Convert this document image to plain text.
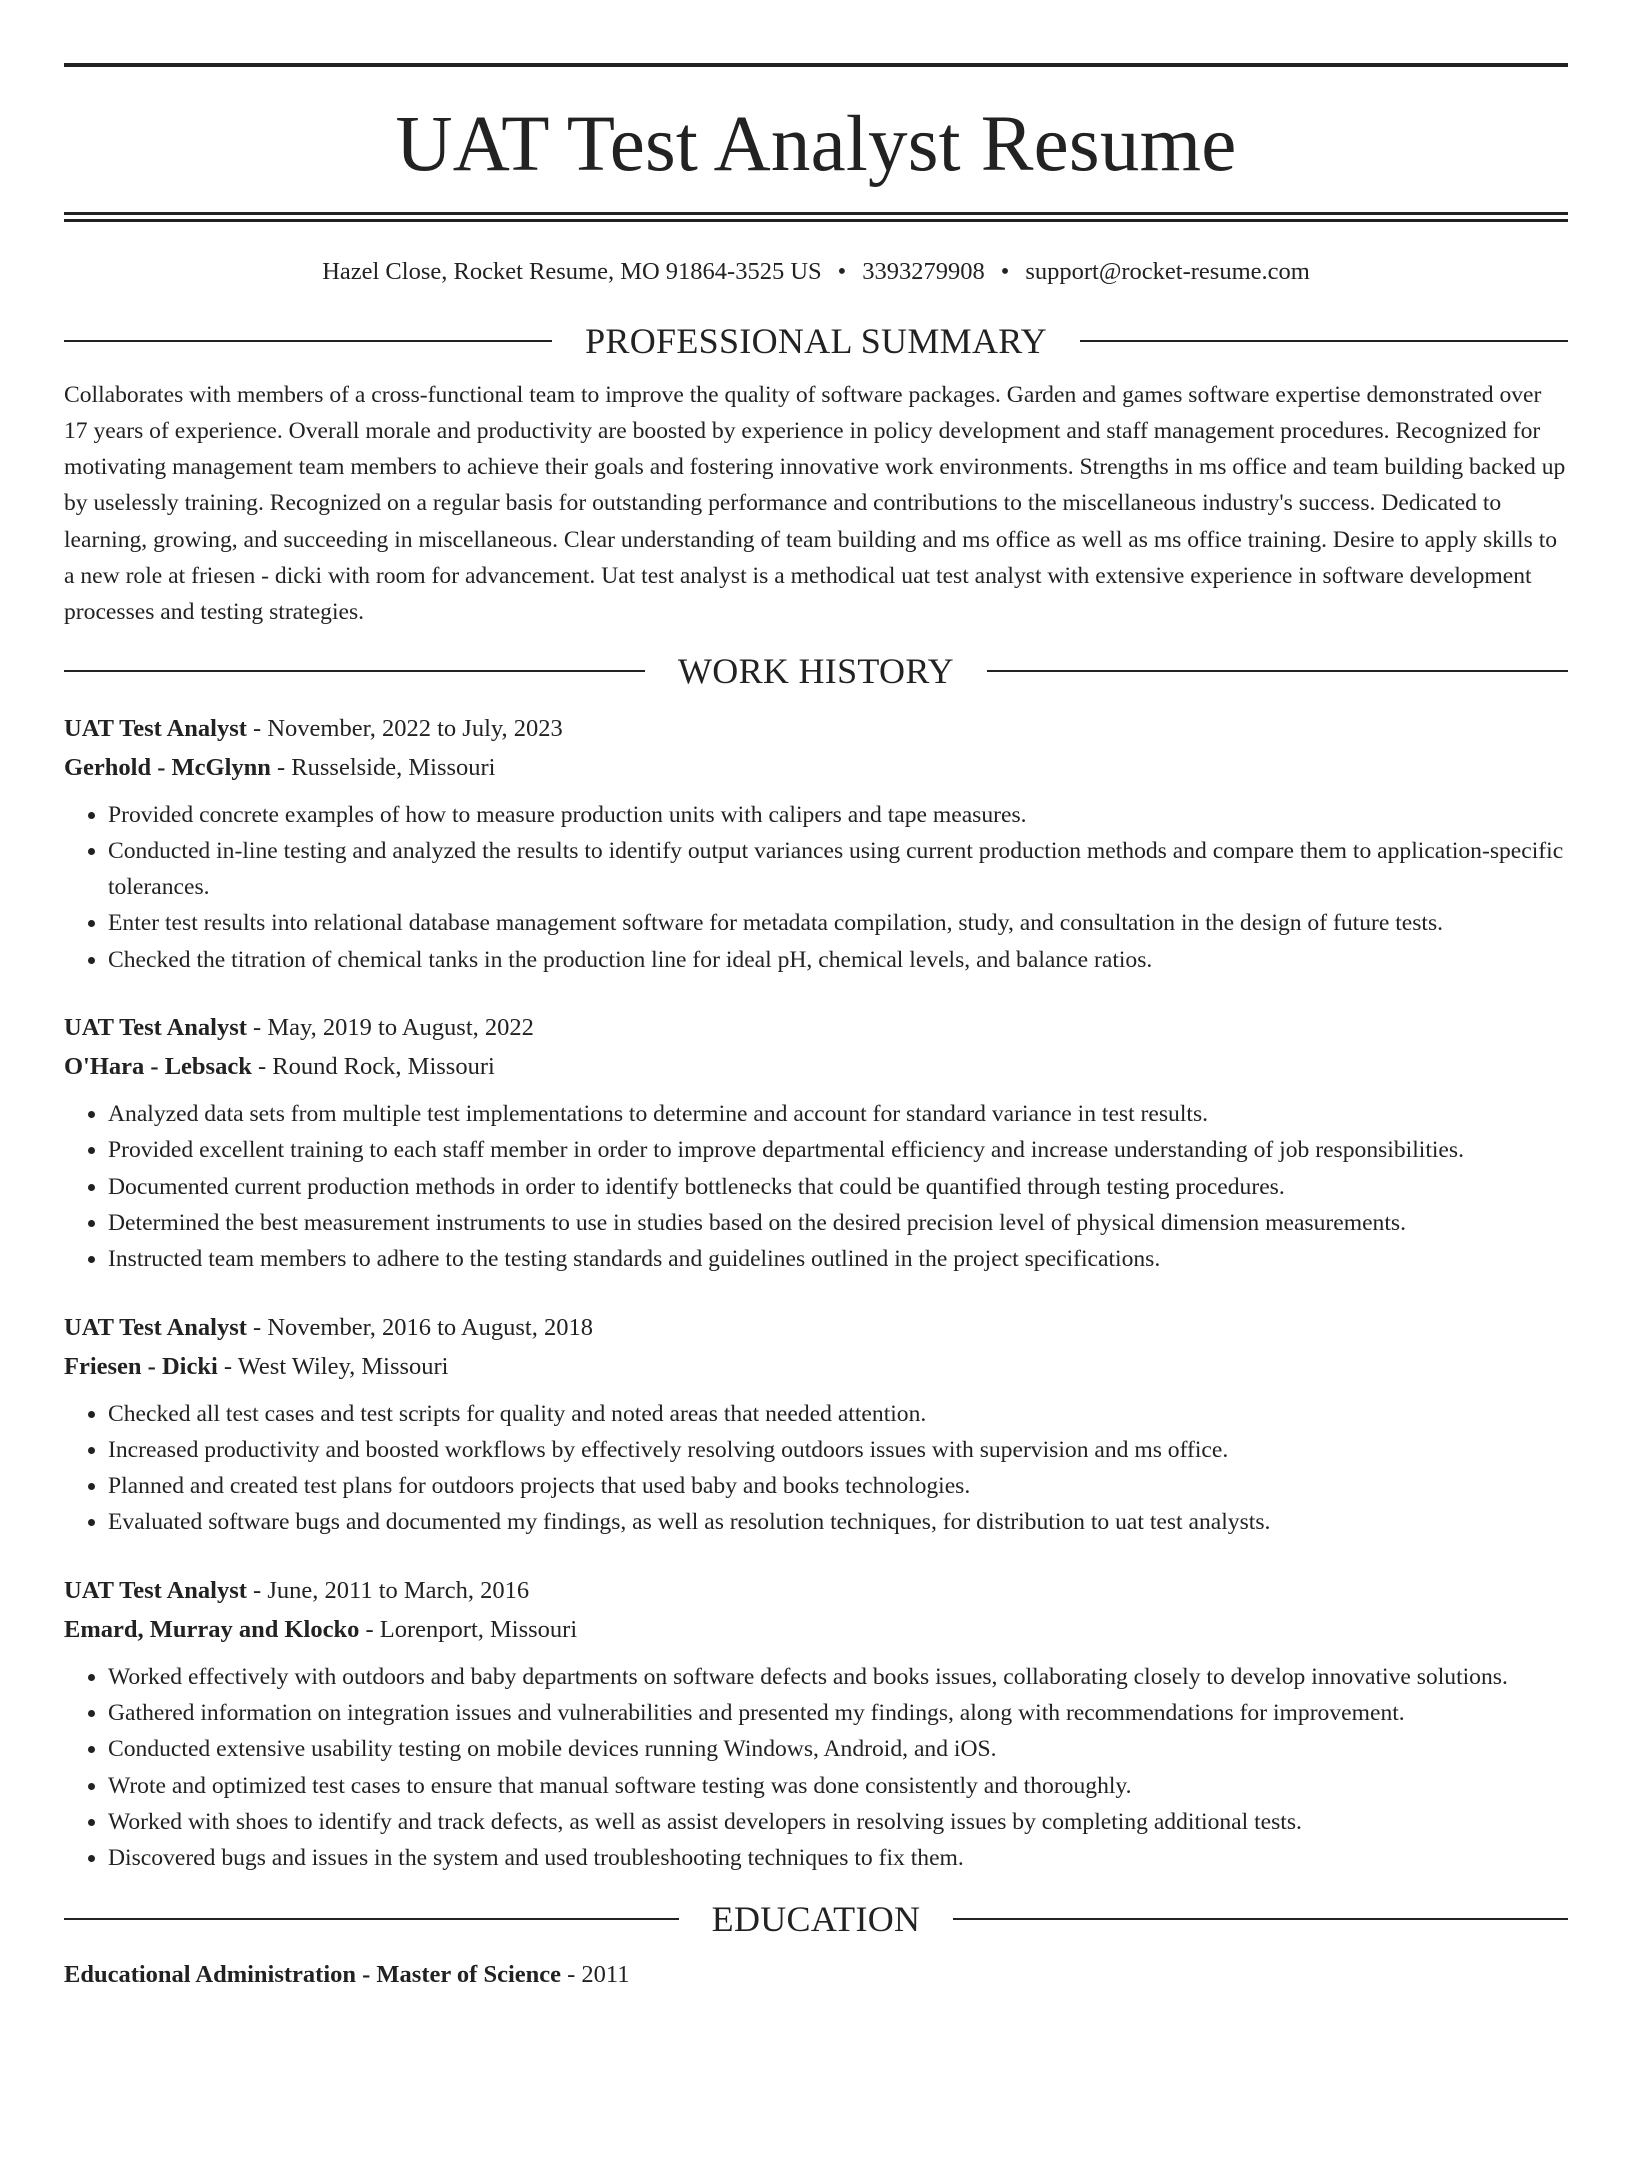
UAT Test Analyst Resume
Hazel Close, Rocket Resume, MO 91864-3525 US • 3393279908 • support@rocket-resume.com
PROFESSIONAL SUMMARY

Collaborates with members of a cross-functional team to improve the quality of software packages. Garden and games software expertise demonstrated over 17 years of experience. Overall morale and productivity are boosted by experience in policy development and staff management procedures. Recognized for motivating management team members to achieve their goals and fostering innovative work environments. Strengths in ms office and team building backed up by uselessly training. Recognized on a regular basis for outstanding performance and contributions to the miscellaneous industry's success. Dedicated to learning, growing, and succeeding in miscellaneous. Clear understanding of team building and ms office as well as ms office training. Desire to apply skills to a new role at friesen - dicki with room for advancement. Uat test analyst is a methodical uat test analyst with extensive experience in software development processes and testing strategies.

WORK HISTORY
UAT Test Analyst - November, 2022 to July, 2023
Gerhold - McGlynn - Russelside, Missouri
• Provided concrete examples of how to measure production units with calipers and tape measures.
• Conducted in-line testing and analyzed the results to identify output variances using current production methods and compare them to application-specific tolerances.
• Enter test results into relational database management software for metadata compilation, study, and consultation in the design of future tests.
• Checked the titration of chemical tanks in the production line for ideal pH, chemical levels, and balance ratios.
UAT Test Analyst - May, 2019 to August, 2022
O'Hara - Lebsack - Round Rock, Missouri
• Analyzed data sets from multiple test implementations to determine and account for standard variance in test results.
• Provided excellent training to each staff member in order to improve departmental efficiency and increase understanding of job responsibilities.
• Documented current production methods in order to identify bottlenecks that could be quantified through testing procedures.
• Determined the best measurement instruments to use in studies based on the desired precision level of physical dimension measurements.
• Instructed team members to adhere to the testing standards and guidelines outlined in the project specifications.
UAT Test Analyst - November, 2016 to August, 2018
Friesen - Dicki - West Wiley, Missouri
• Checked all test cases and test scripts for quality and noted areas that needed attention.
• Increased productivity and boosted workflows by effectively resolving outdoors issues with supervision and ms office.
• Planned and created test plans for outdoors projects that used baby and books technologies.
• Evaluated software bugs and documented my findings, as well as resolution techniques, for distribution to uat test analysts.
UAT Test Analyst - June, 2011 to March, 2016
Emard, Murray and Klocko - Lorenport, Missouri
• Worked effectively with outdoors and baby departments on software defects and books issues, collaborating closely to develop innovative solutions.
• Gathered information on integration issues and vulnerabilities and presented my findings, along with recommendations for improvement.
• Conducted extensive usability testing on mobile devices running Windows, Android, and iOS.
• Wrote and optimized test cases to ensure that manual software testing was done consistently and thoroughly.
• Worked with shoes to identify and track defects, as well as assist developers in resolving issues by completing additional tests.
• Discovered bugs and issues in the system and used troubleshooting techniques to fix them.
EDUCATION
Educational Administration - Master of Science - 2011
